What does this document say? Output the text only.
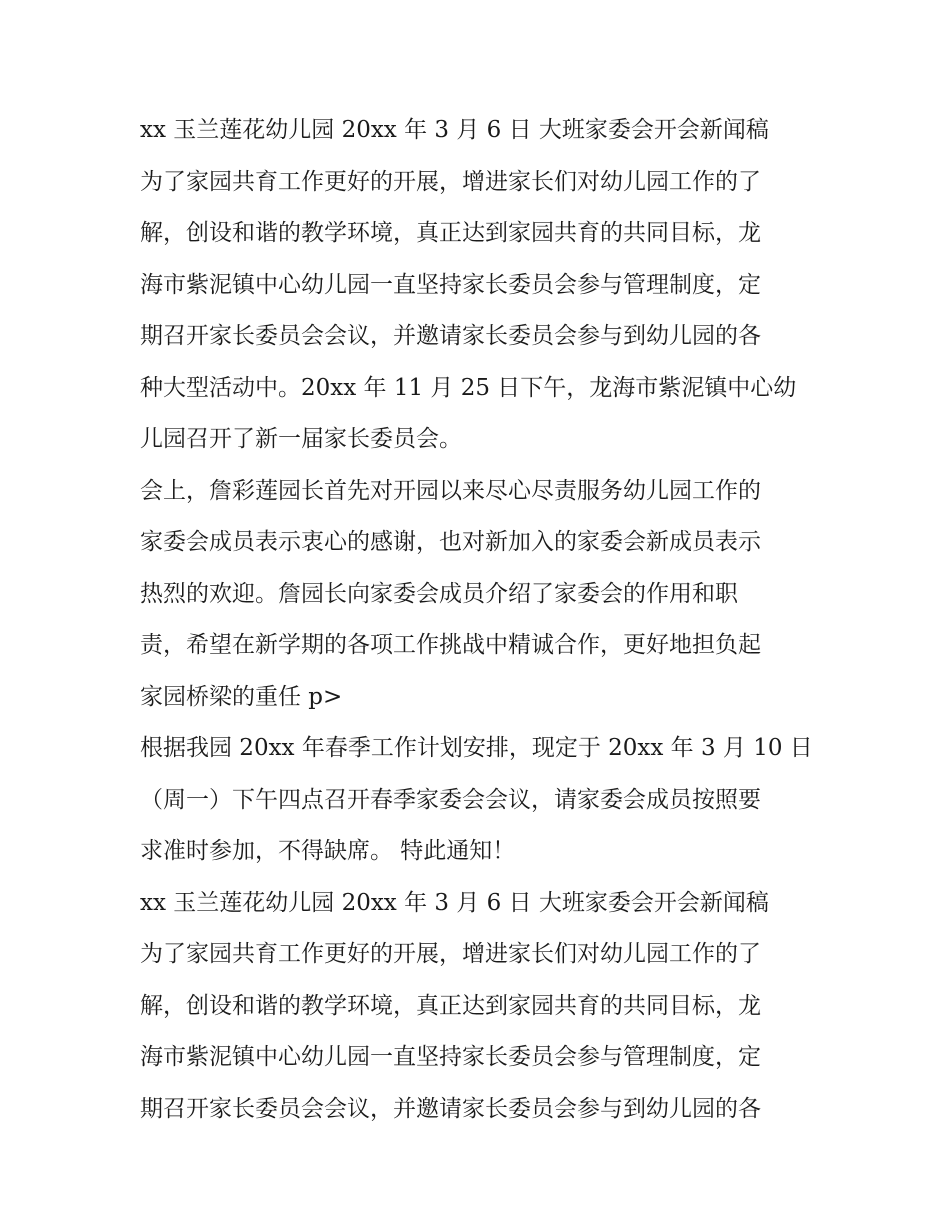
xx 玉兰莲花幼儿园 20xx 年 3 月 6 日 大班家委会开会新闻稿
为了家园共育工作更好的开展，增进家长们对幼儿园工作的了
解，创设和谐的教学环境，真正达到家园共育的共同目标，龙
海市紫泥镇中心幼儿园一直坚持家长委员会参与管理制度，定
期召开家长委员会会议，并邀请家长委员会参与到幼儿园的各
种大型活动中。20xx 年 11 月 25 日下午，龙海市紫泥镇中心幼
儿园召开了新一届家长委员会。
会上，詹彩莲园长首先对开园以来尽心尽责服务幼儿园工作的
家委会成员表示衷心的感谢，也对新加入的家委会新成员表示
热烈的欢迎。詹园长向家委会成员介绍了家委会的作用和职
责，希望在新学期的各项工作挑战中精诚合作，更好地担负起
家园桥梁的重任 p>
根据我园 20xx 年春季工作计划安排，现定于 20xx 年 3 月 10 日
（周一）下午四点召开春季家委会会议，请家委会成员按照要
求准时参加，不得缺席。 特此通知！
xx 玉兰莲花幼儿园 20xx 年 3 月 6 日 大班家委会开会新闻稿
为了家园共育工作更好的开展，增进家长们对幼儿园工作的了
解，创设和谐的教学环境，真正达到家园共育的共同目标，龙
海市紫泥镇中心幼儿园一直坚持家长委员会参与管理制度，定
期召开家长委员会会议，并邀请家长委员会参与到幼儿园的各
